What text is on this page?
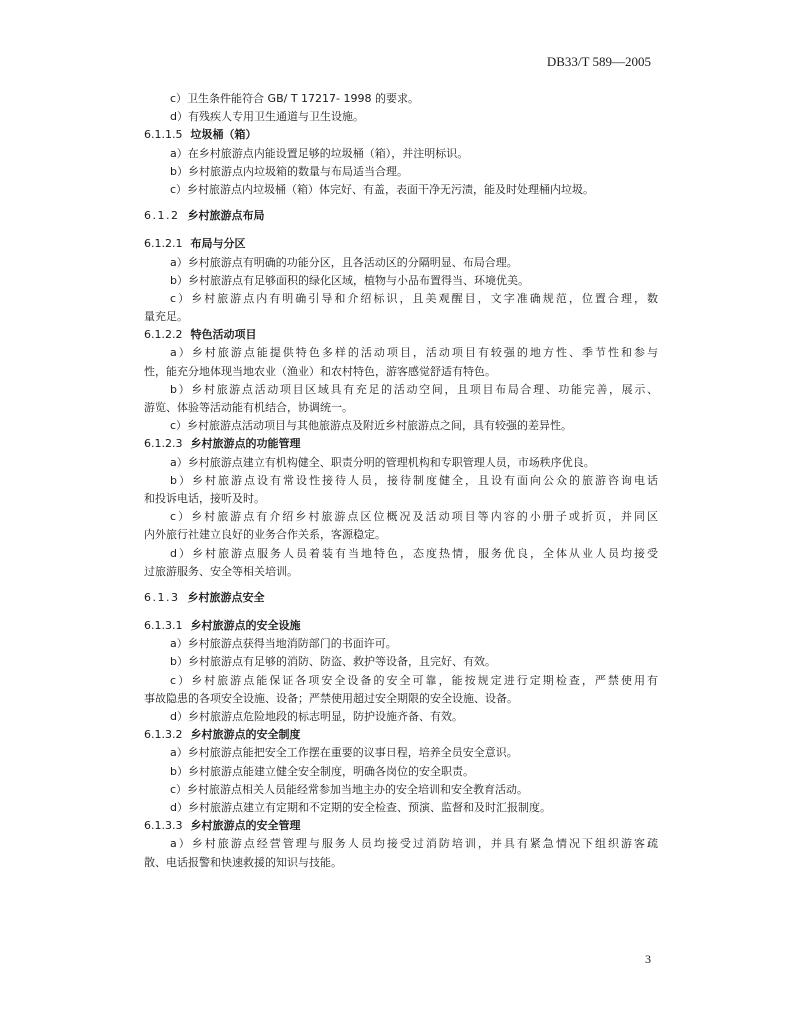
DB33/T 589—2005
c）卫生条件能符合 GB/ T 17217- 1998 的要求。
d）有残疾人专用卫生通道与卫生设施。
6.1.1.5 垃圾桶（箱）
a）在乡村旅游点内能设置足够的垃圾桶（箱），并注明标识。
b）乡村旅游点内垃圾箱的数量与布局适当合理。
c）乡村旅游点内垃圾桶（箱）体完好、有盖，表面干净无污渍，能及时处理桶内垃圾。
6.1.2 乡村旅游点布局
6.1.2.1 布局与分区
a）乡村旅游点有明确的功能分区，且各活动区的分隔明显、布局合理。
b）乡村旅游点有足够面积的绿化区域，植物与小品布置得当、环境优美。
c）乡村旅游点内有明确引导和介绍标识，且美观醒目，文字准确规范，位置合理，数
量充足。
6.1.2.2 特色活动项目
a）乡村旅游点能提供特色多样的活动项目，活动项目有较强的地方性、季节性和参与
性，能充分地体现当地农业（渔业）和农村特色，游客感觉舒适有特色。
b）乡村旅游点活动项目区域具有充足的活动空间，且项目布局合理、功能完善，展示、
游览、体验等活动能有机结合，协调统一。
c）乡村旅游点活动项目与其他旅游点及附近乡村旅游点之间，具有较强的差异性。
6.1.2.3 乡村旅游点的功能管理
a）乡村旅游点建立有机构健全、职责分明的管理机构和专职管理人员，市场秩序优良。
b）乡村旅游点设有常设性接待人员，接待制度健全，且设有面向公众的旅游咨询电话
和投诉电话，接听及时。
c）乡村旅游点有介绍乡村旅游点区位概况及活动项目等内容的小册子或折页，并同区
内外旅行社建立良好的业务合作关系，客源稳定。
d）乡村旅游点服务人员着装有当地特色，态度热情，服务优良，全体从业人员均接受
过旅游服务、安全等相关培训。
6.1.3 乡村旅游点安全
6.1.3.1 乡村旅游点的安全设施
a）乡村旅游点获得当地消防部门的书面许可。
b）乡村旅游点有足够的消防、防盗、救护等设备，且完好、有效。
c）乡村旅游点能保证各项安全设备的安全可靠，能按规定进行定期检查，严禁使用有
事故隐患的各项安全设施、设备；严禁使用超过安全期限的安全设施、设备。
d）乡村旅游点危险地段的标志明显，防护设施齐备、有效。
6.1.3.2 乡村旅游点的安全制度
a）乡村旅游点能把安全工作摆在重要的议事日程，培养全员安全意识。
b）乡村旅游点能建立健全安全制度，明确各岗位的安全职责。
c）乡村旅游点相关人员能经常参加当地主办的安全培训和安全教育活动。
d）乡村旅游点建立有定期和不定期的安全检查、预演、监督和及时汇报制度。
6.1.3.3 乡村旅游点的安全管理
a）乡村旅游点经营管理与服务人员均接受过消防培训，并具有紧急情况下组织游客疏
散、电话报警和快速救援的知识与技能。
3
